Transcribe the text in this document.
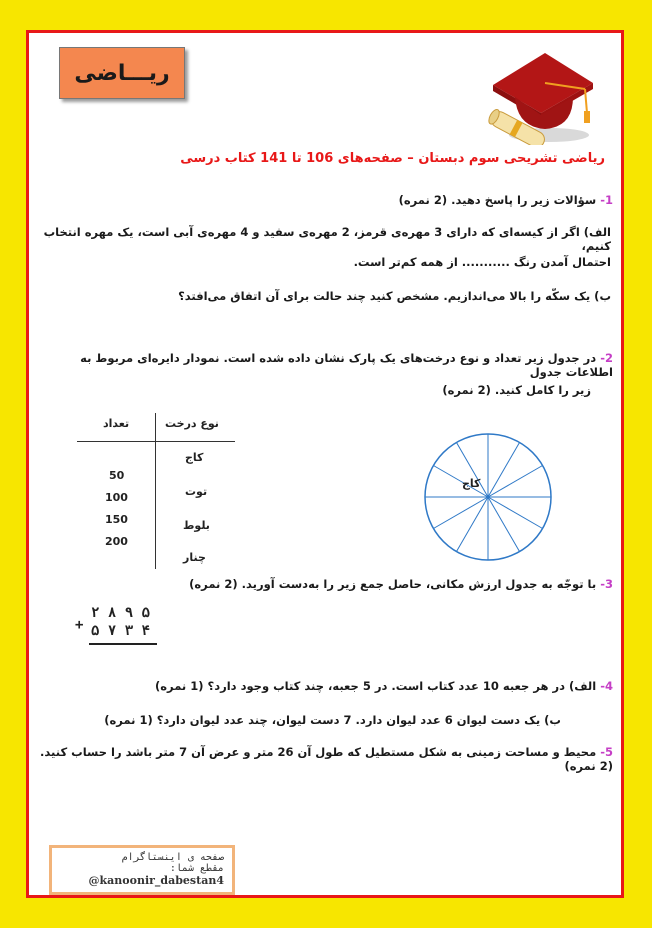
ریـــاضی
ریاضی تشریحی سوم دبستان – صفحه‌های 106 تا 141 کتاب درسی
1- سؤالات زیر را پاسخ دهید. (2 نمره)
الف) اگر از کیسه‌ای که دارای 3 مهره‌ی قرمز، 2 مهره‌ی سفید و 4 مهره‌ی آبی است، یک مهره انتخاب کنیم،
احتمال آمدن رنگ ........... از همه کم‌تر است.
ب) یک سکّه را بالا می‌اندازیم. مشخص کنید چند حالت برای آن اتفاق می‌افتد؟
2- در جدول زیر تعداد و نوع درخت‌های یک پارک نشان داده شده است. نمودار دایره‌ای مربوط به اطلاعات جدول
زیر را کامل کنید. (2 نمره)
نوع درخت
تعداد
کاج
توت
بلوط
چنار
50
100
150
200
کاج
3- با توجّه به جدول ارزش مکانی، حاصل جمع زیر را به‌دست آورید. (2 نمره)
۲ ۸ ۹ ۵
+
۵ ۷ ۳ ۴
4- الف) در هر جعبه 10 عدد کتاب است. در 5 جعبه، چند کتاب وجود دارد؟ (1 نمره)
ب) یک دست لیوان 6 عدد لیوان دارد. 7 دست لیوان، چند عدد لیوان دارد؟ (1 نمره)
5- محیط و مساحت زمینی به شکل مستطیل که طول آن 26 متر و عرض آن 7 متر باشد را حساب کنید. (2 نمره)
صفحه ی اینستاگرام
مقطع شما:
@kanoonir_dabestan4
